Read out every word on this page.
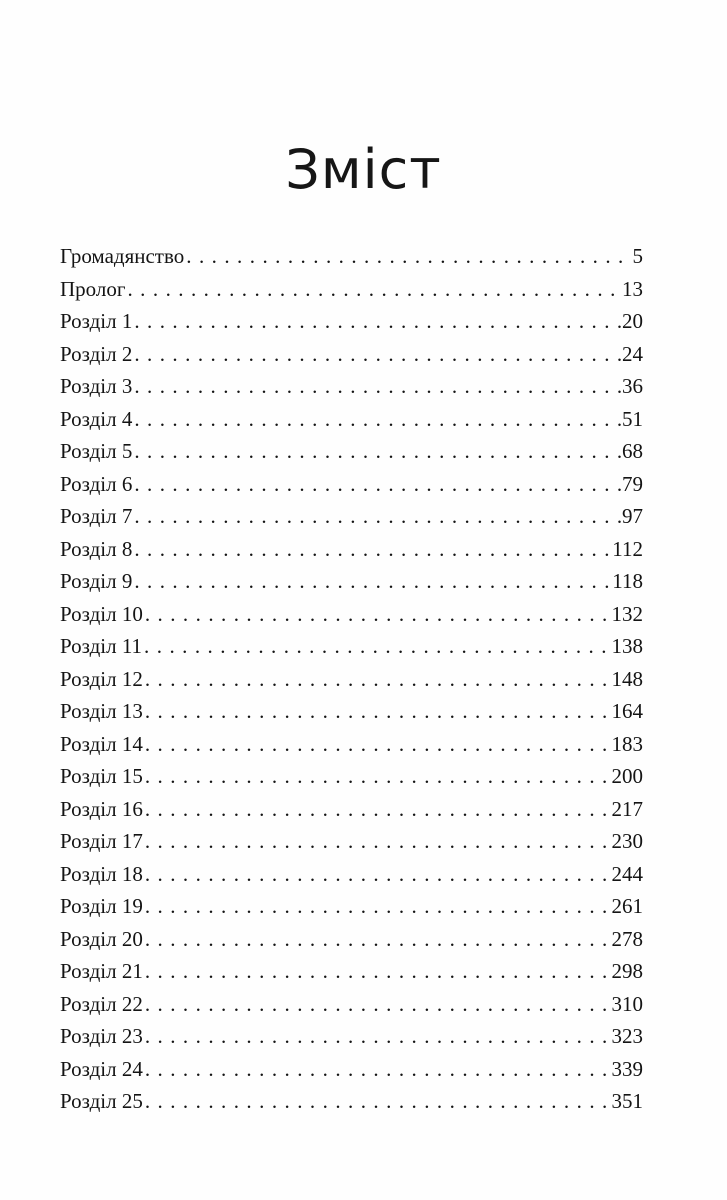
Зміст
Громадянство . . .	5
Пролог . . .	13
Розділ 1 . . .	20
Розділ 2 . . .	24
Розділ 3 . . .	36
Розділ 4 . . .	51
Розділ 5 . . .	68
Розділ 6 . . .	79
Розділ 7 . . .	97
Розділ 8 . . .	112
Розділ 9 . . .	118
Розділ 10 . . .	132
Розділ 11 . . .	138
Розділ 12 . . .	148
Розділ 13 . . .	164
Розділ 14 . . .	183
Розділ 15 . . .	200
Розділ 16 . . .	217
Розділ 17 . . .	230
Розділ 18 . . .	244
Розділ 19 . . .	261
Розділ 20 . . .	278
Розділ 21 . . .	298
Розділ 22 . . .	310
Розділ 23 . . .	323
Розділ 24 . . .	339
Розділ 25 . . .	351
